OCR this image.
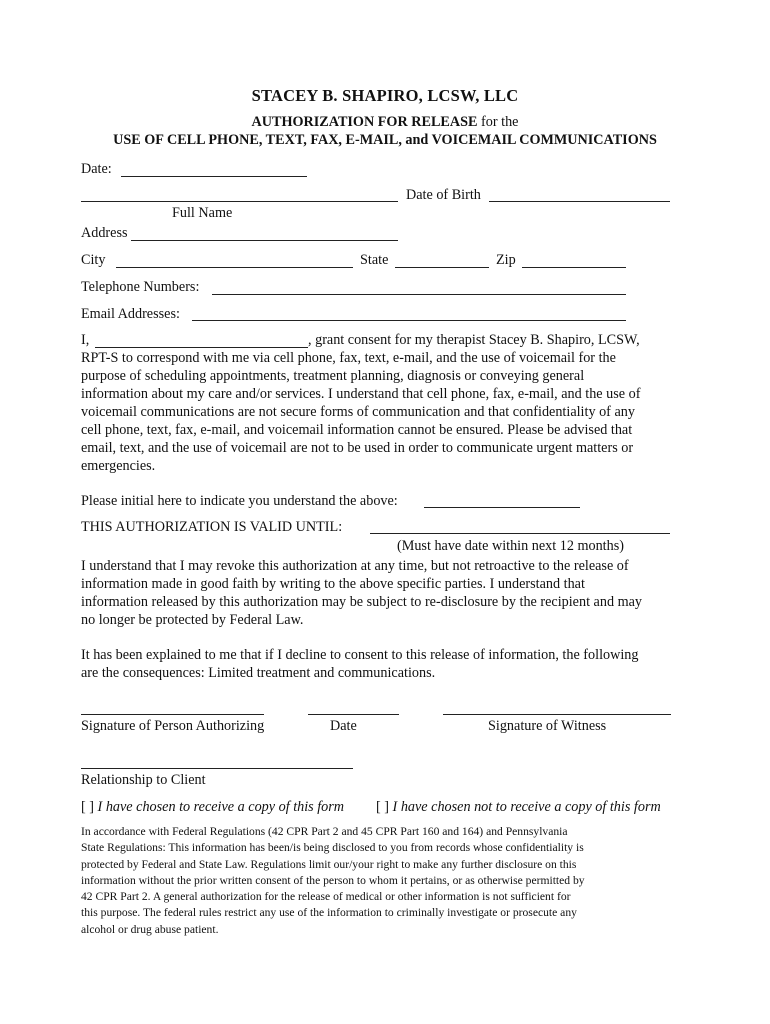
STACEY B. SHAPIRO, LCSW, LLC
AUTHORIZATION FOR RELEASE for the
USE OF CELL PHONE, TEXT, FAX, E-MAIL, and VOICEMAIL COMMUNICATIONS
Date:
Date of Birth
Full Name
Address
City	State	Zip
Telephone Numbers:
Email Addresses:
I,	, grant consent for my therapist Stacey B. Shapiro, LCSW,
RPT-S to correspond with me via cell phone, fax, text, e-mail, and the use of voicemail for the
purpose of scheduling appointments, treatment planning, diagnosis or conveying general
information about my care and/or services. I understand that cell phone, fax, e-mail, and the use of
voicemail communications are not secure forms of communication and that confidentiality of any
cell phone, text, fax, e-mail, and voicemail information cannot be ensured. Please be advised that
email, text, and the use of voicemail are not to be used in order to communicate urgent matters or
emergencies.
Please initial here to indicate you understand the above:
THIS AUTHORIZATION IS VALID UNTIL:
(Must have date within next 12 months)
I understand that I may revoke this authorization at any time, but not retroactive to the release of
information made in good faith by writing to the above specific parties. I understand that
information released by this authorization may be subject to re-disclosure by the recipient and may
no longer be protected by Federal Law.
It has been explained to me that if I decline to consent to this release of information, the following
are the consequences: Limited treatment and communications.
Signature of Person Authorizing	Date	Signature of Witness
Relationship to Client
[ ] I have chosen to receive a copy of this form [ ] I have chosen not to receive a copy of this form
In accordance with Federal Regulations (42 CPR Part 2 and 45 CPR Part 160 and 164) and Pennsylvania
State Regulations: This information has been/is being disclosed to you from records whose confidentiality is
protected by Federal and State Law. Regulations limit our/your right to make any further disclosure on this
information without the prior written consent of the person to whom it pertains, or as otherwise permitted by
42 CPR Part 2. A general authorization for the release of medical or other information is not sufficient for
this purpose. The federal rules restrict any use of the information to criminally investigate or prosecute any
alcohol or drug abuse patient.
